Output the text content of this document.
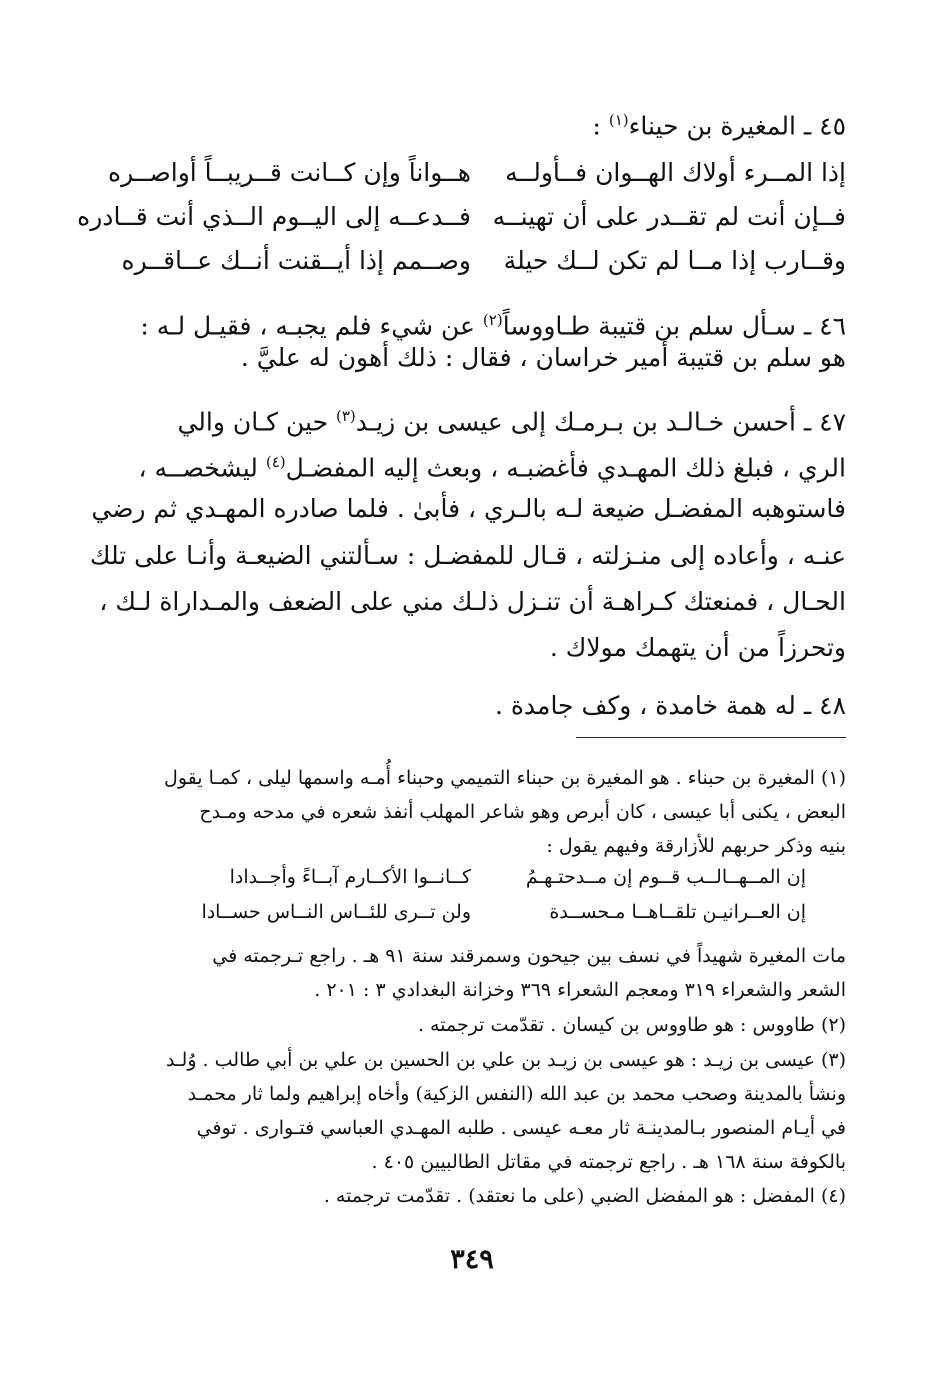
٤٥ ـ المغيرة بن حيناء$^{(١)}$ :
إذا المــرء أولاك الهــوان فــأولــه
هــواناً وإن كــانت قــريبــاً أواصــره
فــإن أنت لم تقــدر على أن تهينــه
فــدعــه إلى اليــوم الــذي أنت قــادره
وقــارب إذا مــا لم تكن لــك حيلة
وصــمم إذا أيــقنت أنــك عــاقــره
٤٦ ـ سـأل سلم بن قتيبة طـاووساً$^{(٢)}$ عن شيء فلم يجبـه ، فقيـل لـه :
هو سلم بن قتيبة أمير خراسان ، فقال : ذلك أهون له عليَّ .
٤٧ ـ أحسن خـالـد بن بـرمـك إلى عيسى بن زيـد$^{(٣)}$ حين كـان والي
الري ، فبلغ ذلك المهـدي فأغضبـه ، وبعث إليه المفضـل$^{(٤)}$ ليشخصــه ،
فاستوهبه المفضـل ضيعة لـه بالـري ، فأبىٰ . فلما صادره المهـدي ثم رضي
عنـه ، وأعاده إلى منـزلته ، قـال للمفضـل : سـألتني الضيعـة وأنـا على تلك
الحـال ، فمنعتك كـراهـة أن تنـزل ذلـك مني على الضعف والمـداراة لـك ،
وتحرزاً من أن يتهمك مولاك .
٤٨ ـ له همة خامدة ، وكف جامدة .
(١) المغيرة بن حبناء . هو المغيرة بن حبناء التميمي وحبناء أُمـه واسمها ليلى ، كمـا يقول
البعض ، يكنى أبا عيسى ، كان أبرص وهو شاعر المهلب أنفذ شعره في مدحه ومـدح
بنيه وذكر حربهم للأزارقة وفيهم يقول :
إن المــهــالــب قــوم إن مــدحتـهـمُ
كــانــوا الأكــارم آبــاءً وأجــدادا
إن العــرانيـن تلقــاهــا مـحســدة
ولن تــرى للئــاس النــاس حســادا
مات المغيرة شهيداً في نسف بين جيحون وسمرقند سنة ٩١ هـ . راجع تـرجمته في
الشعر والشعراء ٣١٩ ومعجم الشعراء ٣٦٩ وخزانة البغدادي ٣ : ٢٠١ .
(٢) طاووس : هو طاووس بن كيسان . تقدّمت ترجمته .
(٣) عيسى بن زيـد : هو عيسى بن زيـد بن علي بن الحسين بن علي بن أبي طالب . وُلـد
ونشأ بالمدينة وصحب محمد بن عبد الله (النفس الزكية) وأخاه إبراهيم ولما ثار محمـد
في أيـام المنصور بـالمدينـة ثار معـه عيسى . طلبه المهـدي العباسي فتـوارى . توفي
بالكوفة سنة ١٦٨ هـ . راجع ترجمته في مقاتل الطالبيين ٤٠٥ .
(٤) المفضل : هو المفضل الضبي (على ما نعتقد) . تقدّمت ترجمته .
٣٤٩
